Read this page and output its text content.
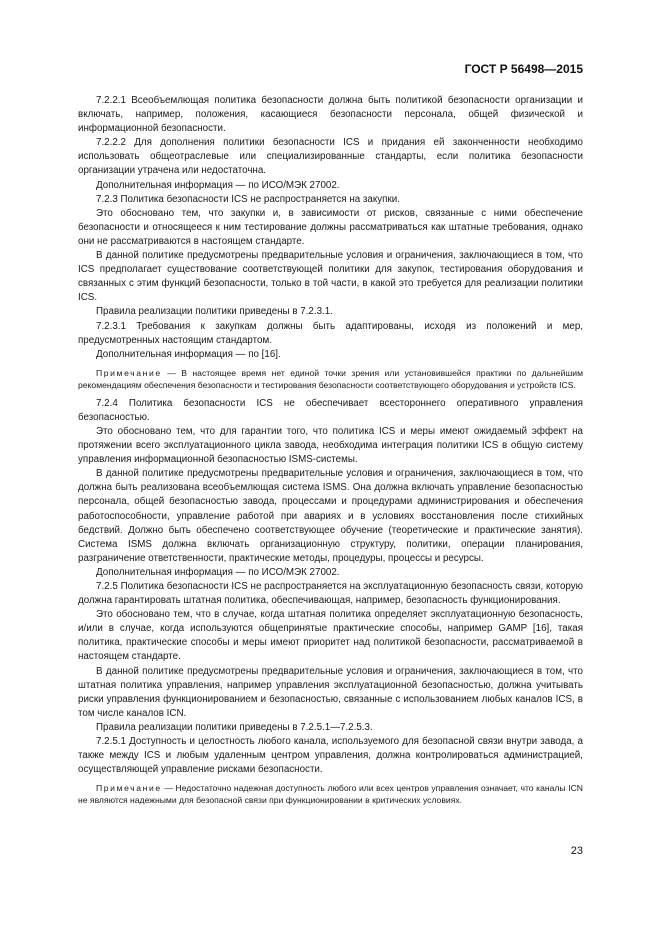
ГОСТ Р 56498—2015

7.2.2.1 Всеобъемлющая политика безопасности должна быть политикой безопасности организации и включать, например, положения, касающиеся безопасности персонала, общей физической и информационной безопасности.

7.2.2.2 Для дополнения политики безопасности ICS и придания ей законченности необходимо использовать общеотраслевые или специализированные стандарты, если политика безопасности организации утрачена или недостаточна.

Дополнительная информация — по ИСО/МЭК 27002.

7.2.3 Политика безопасности ICS не распространяется на закупки.

Это обосновано тем, что закупки и, в зависимости от рисков, связанные с ними обеспечение безопасности и относящееся к ним тестирование должны рассматриваться как штатные требования, однако они не рассматриваются в настоящем стандарте.

В данной политике предусмотрены предварительные условия и ограничения, заключающиеся в том, что ICS предполагает существование соответствующей политики для закупок, тестирования оборудования и связанных с этим функций безопасности, только в той части, в какой это требуется для реализации политики ICS.

Правила реализации политики приведены в 7.2.3.1.

7.2.3.1 Требования к закупкам должны быть адаптированы, исходя из положений и мер, предусмотренных настоящим стандартом.

Дополнительная информация — по [16].

Примечание — В настоящее время нет единой точки зрения или установившейся практики по дальнейшим рекомендациям обеспечения безопасности и тестирования безопасности соответствующего оборудования и устройств ICS.

7.2.4 Политика безопасности ICS не обеспечивает всестороннего оперативного управления безопасностью.

Это обосновано тем, что для гарантии того, что политика ICS и меры имеют ожидаемый эффект на протяжении всего эксплуатационного цикла завода, необходима интеграция политики ICS в общую систему управления информационной безопасностью ISMS-системы.

В данной политике предусмотрены предварительные условия и ограничения, заключающиеся в том, что должна быть реализована всеобъемлющая система ISMS. Она должна включать управление безопасностью персонала, общей безопасностью завода, процессами и процедурами администрирования и обеспечения работоспособности, управление работой при авариях и в условиях восстановления после стихийных бедствий. Должно быть обеспечено соответствующее обучение (теоретические и практические занятия). Система ISMS должна включать организационную структуру, политики, операции планирования, разграничение ответственности, практические методы, процедуры, процессы и ресурсы.

Дополнительная информация — по ИСО/МЭК 27002.

7.2.5 Политика безопасности ICS не распространяется на эксплуатационную безопасность связи, которую должна гарантировать штатная политика, обеспечивающая, например, безопасность функционирования.

Это обосновано тем, что в случае, когда штатная политика определяет эксплуатационную безопасность, и/или в случае, когда используются общепринятые практические способы, например GAMP [16], такая политика, практические способы и меры имеют приоритет над политикой безопасности, рассматриваемой в настоящем стандарте.

В данной политике предусмотрены предварительные условия и ограничения, заключающиеся в том, что штатная политика управления, например управления эксплуатационной безопасностью, должна учитывать риски управления функционированием и безопасностью, связанные с использованием любых каналов ICS, в том числе каналов ICN.

Правила реализации политики приведены в 7.2.5.1—7.2.5.3.

7.2.5.1 Доступность и целостность любого канала, используемого для безопасной связи внутри завода, а также между ICS и любым удаленным центром управления, должна контролироваться администрацией, осуществляющей управление рисками безопасности.

Примечание — Недостаточно надежная доступность любого или всех центров управления означает, что каналы ICN не являются надежными для безопасной связи при функционировании в критических условиях.

23
